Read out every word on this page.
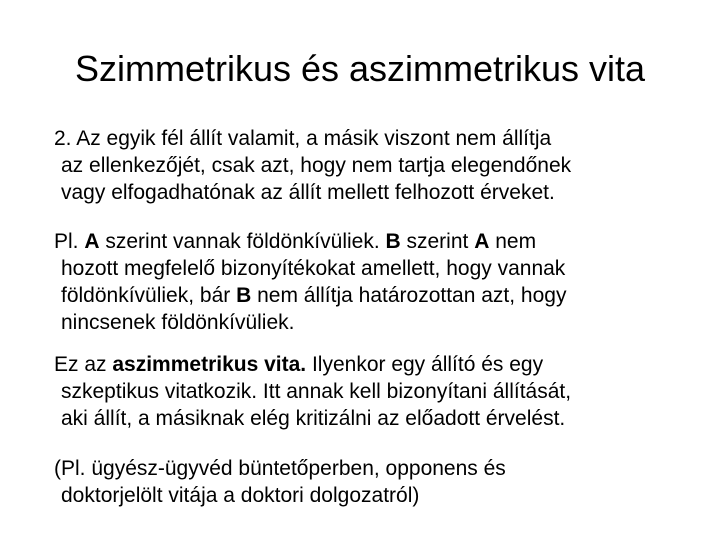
Szimmetrikus és aszimmetrikus vita
2. Az egyik fél állít valamit, a másik viszont nem állítja
az ellenkezőjét, csak azt, hogy nem tartja elegendőnek
vagy elfogadhatónak az állít mellett felhozott érveket.
Pl. A szerint vannak földönkívüliek. B szerint A nem
hozott megfelelő bizonyítékokat amellett, hogy vannak
földönkívüliek, bár B nem állítja határozottan azt, hogy
nincsenek földönkívüliek.
Ez az aszimmetrikus vita. Ilyenkor egy állító és egy
szkeptikus vitatkozik. Itt annak kell bizonyítani állítását,
aki állít, a másiknak elég kritizálni az előadott érvelést.
(Pl. ügyész-ügyvéd büntetőperben, opponens és
doktorjelölt vitája a doktori dolgozatról)
